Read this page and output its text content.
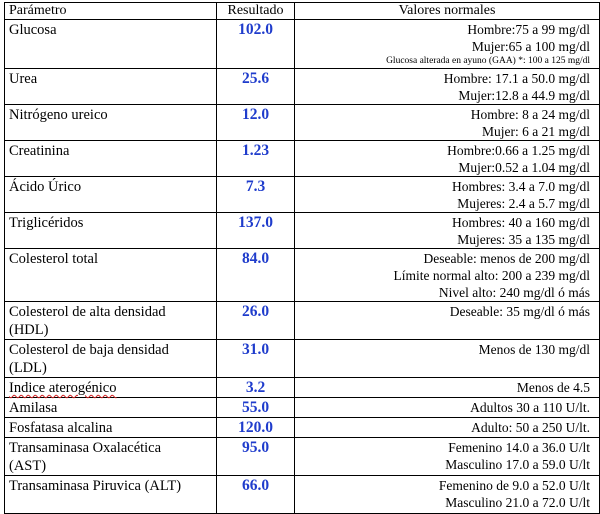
Parámetro	Resultado	Valores normales

Glucosa	102.0	Hombre:75 a 99 mg/dl
Mujer:65 a 100 mg/dl
Glucosa alterada en ayuno (GAA) *: 100 a 125 mg/dl

Urea	25.6	Hombre: 17.1 a 50.0 mg/dl
Mujer:12.8 a 44.9 mg/dl

Nitrógeno ureico	12.0	Hombre: 8 a 24 mg/dl
Mujer: 6 a 21 mg/dl

Creatinina	1.23	Hombre:0.66 a 1.25 mg/dl
Mujer:0.52 a 1.04 mg/dl

Ácido Úrico	7.3	Hombres: 3.4 a 7.0 mg/dl
Mujeres: 2.4 a 5.7 mg/dl

Triglicéridos	137.0	Hombres: 40 a 160 mg/dl
Mujeres: 35 a 135 mg/dl

Colesterol total	84.0	Deseable: menos de 200 mg/dl
Límite normal alto: 200 a 239 mg/dl
Nivel alto: 240 mg/dl ó más

Colesterol de alta densidad
(HDL)	26.0	Deseable: 35 mg/dl ó más

Colesterol de baja densidad
(LDL)	31.0	Menos de 130 mg/dl

Indice aterogénico	3.2	Menos de 4.5

Amilasa	55.0	Adultos 30 a 110 U/lt.

Fosfatasa alcalina	120.0	Adulto: 50 a 250 U/lt.

Transaminasa Oxalacética
(AST)	95.0	Femenino 14.0 a 36.0 U/lt
Masculino 17.0 a 59.0 U/lt

Transaminasa Piruvica (ALT)	66.0	Femenino de 9.0 a 52.0 U/lt
Masculino 21.0 a 72.0 U/lt
